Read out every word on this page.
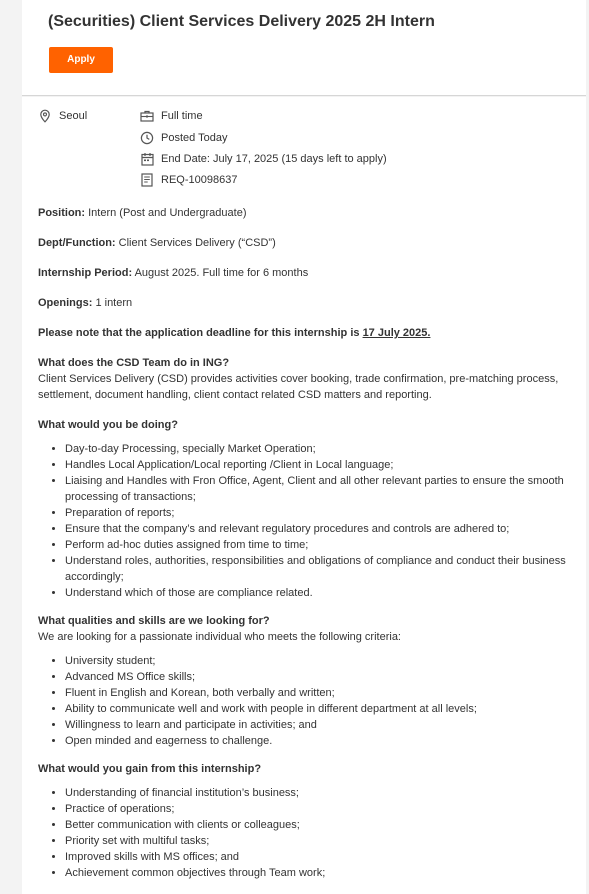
(Securities) Client Services Delivery 2025 2H Intern
Apply
Seoul	Full time
Posted Today
End Date: July 17, 2025 (15 days left to apply)
REQ-10098637

Position: Intern (Post and Undergraduate)

Dept/Function: Client Services Delivery (“CSD”)

Internship Period: August 2025. Full time for 6 months

Openings: 1 intern

Please note that the application deadline for this internship is 17 July 2025.

What does the CSD Team do in ING?

Client Services Delivery (CSD) provides activities cover booking, trade confirmation, pre-matching process, settlement, document handling, client contact related CSD matters and reporting.

What would you be doing?

• Day-to-day Processing, specially Market Operation;
• Handles Local Application/Local reporting /Client in Local language;
• Liaising and Handles with Fron Office, Agent, Client and all other relevant parties to ensure the smooth processing of transactions;
• Preparation of reports;
• Ensure that the company’s and relevant regulatory procedures and controls are adhered to;
• Perform ad-hoc duties assigned from time to time;
• Understand roles, authorities, responsibilities and obligations of compliance and conduct their business accordingly;
• Understand which of those are compliance related.

What qualities and skills are we looking for?

We are looking for a passionate individual who meets the following criteria:

• University student;
• Advanced MS Office skills;
• Fluent in English and Korean, both verbally and written;
• Ability to communicate well and work with people in different department at all levels;
• Willingness to learn and participate in activities; and
• Open minded and eagerness to challenge.

What would you gain from this internship?

• Understanding of financial institution’s business;
• Practice of operations;
• Better communication with clients or colleagues;
• Priority set with multiful tasks;
• Improved skills with MS offices; and
• Achievement common objectives through Team work;
